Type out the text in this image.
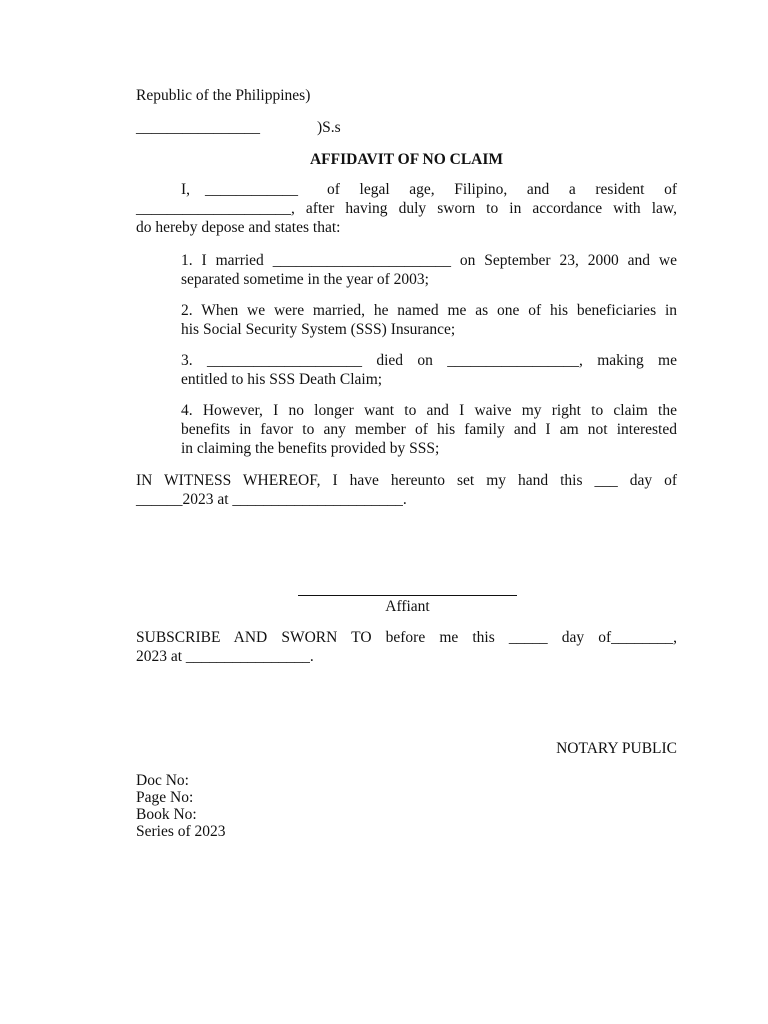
Republic of the Philippines)
________________	)S.s
AFFIDAVIT OF NO CLAIM
I, ____________ of legal age, Filipino, and a resident of
____________________, after having duly sworn to in accordance with law,
do hereby depose and states that:
1. I married _______________________ on September 23, 2000 and we
separated sometime in the year of 2003;
2. When we were married, he named me as one of his beneficiaries in
his Social Security System (SSS) Insurance;
3. ____________________ died on _________________, making me
entitled to his SSS Death Claim;
4. However, I no longer want to and I waive my right to claim the
benefits in favor to any member of his family and I am not interested
in claiming the benefits provided by SSS;
IN WITNESS WHEREOF, I have hereunto set my hand this ___ day of
______2023 at ______________________.
Affiant
SUBSCRIBE AND SWORN TO before me this _____ day of________,
2023 at ________________.
NOTARY PUBLIC
Doc No:
Page No:
Book No:
Series of 2023
